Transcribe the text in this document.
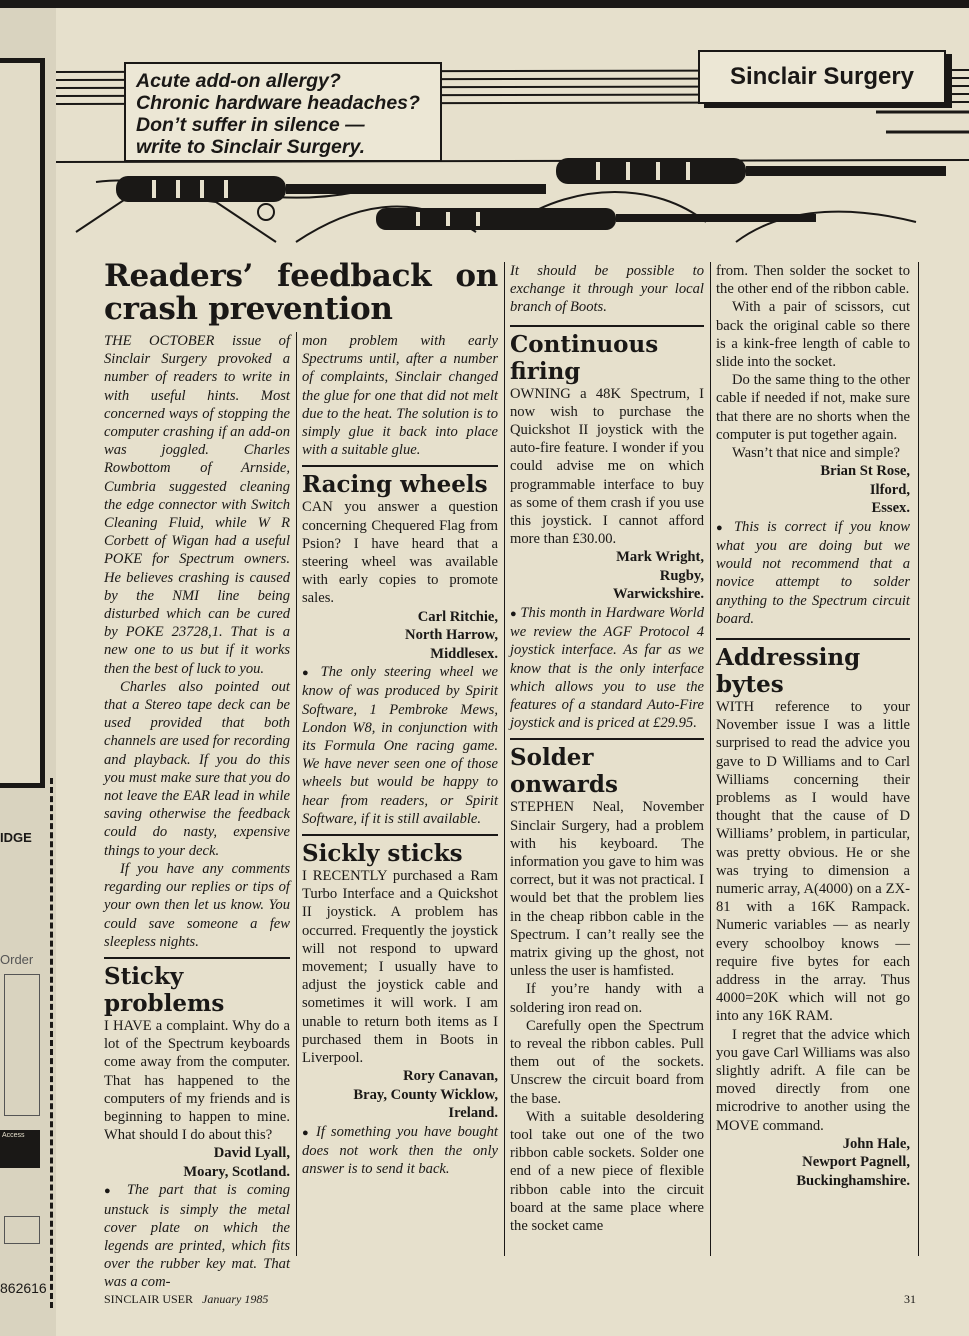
IDGE
Order
Access
862616
Acute add-on allergy?
Chronic hardware headaches?
Don’t suffer in silence —
write to Sinclair Surgery.
Sinclair Surgery
Readers’ feedback on crash prevention

THE OCTOBER issue of Sinclair Surgery provoked a number of readers to write in with useful hints. Most concerned ways of stopping the computer crashing if an add-on was joggled. Charles Rowbottom of Arnside, Cumbria suggested cleaning the edge connector with Switch Cleaning Fluid, while W R Corbett of Wigan had a useful POKE for Spectrum owners. He believes crashing is caused by the NMI line being disturbed which can be cured by POKE 23728,1. That is a new one to us but if it works then the best of luck to you.

Charles also pointed out that a Stereo tape deck can be used provided that both channels are used for recording and playback. If you do this you must make sure that you do not leave the EAR lead in while saving otherwise the feedback could do nasty, expensive things to your deck.

If you have any comments regarding our replies or tips of your own then let us know. You could save someone a few sleepless nights.

Sticky problems

I HAVE a complaint. Why do a lot of the Spectrum keyboards come away from the computer. That has happened to the computers of my friends and is beginning to happen to mine. What should I do about this?

David Lyall,

Moary, Scotland.

● The part that is coming unstuck is simply the metal cover plate on which the legends are printed, which fits over the rubber key mat. That was a com-

mon problem with early Spectrums until, after a number of complaints, Sinclair changed the glue for one that did not melt due to the heat. The solution is to simply glue it back into place with a suitable glue.

Racing wheels

CAN you answer a question concerning Chequered Flag from Psion? I have heard that a steering wheel was available with early copies to promote sales.

Carl Ritchie,

North Harrow,

Middlesex.

● The only steering wheel we know of was produced by Spirit Software, 1 Pembroke Mews, London W8, in conjunction with its Formula One racing game. We have never seen one of those wheels but would be happy to hear from readers, or Spirit Software, if it is still available.

Sickly sticks

I RECENTLY purchased a Ram Turbo Interface and a Quickshot II joystick. A problem has occurred. Frequently the joystick will not respond to upward movement; I usually have to adjust the joystick cable and sometimes it will work. I am unable to return both items as I purchased them in Boots in Liverpool.

Rory Canavan,

Bray, County Wicklow,

Ireland.

● If something you have bought does not work then the only answer is to send it back.

It should be possible to exchange it through your local branch of Boots.

Continuous firing

OWNING a 48K Spectrum, I now wish to purchase the Quickshot II joystick with the auto-fire feature. I wonder if you could advise me on which programmable interface to buy as some of them crash if you use this joystick. I cannot afford more than £30.00.

Mark Wright,

Rugby,

Warwickshire.

● This month in Hardware World we review the AGF Protocol 4 joystick interface. As far as we know that is the only interface which allows you to use the features of a standard Auto-Fire joystick and is priced at £29.95.

Solder onwards

STEPHEN Neal, November Sinclair Surgery, had a problem with his keyboard. The information you gave to him was correct, but it was not practical. I would bet that the problem lies in the cheap ribbon cable in the Spectrum. I can’t really see the matrix giving up the ghost, not unless the user is hamfisted.

If you’re handy with a soldering iron read on.

Carefully open the Spectrum to reveal the ribbon cables. Pull them out of the sockets. Unscrew the circuit board from the base.

With a suitable desoldering tool take out one of the two ribbon cable sockets. Solder one end of a new piece of flexible ribbon cable into the circuit board at the same place where the socket came

from. Then solder the socket to the other end of the ribbon cable.

With a pair of scissors, cut back the original cable so there is a kink-free length of cable to slide into the socket.

Do the same thing to the other cable if needed if not, make sure that there are no shorts when the computer is put together again.

Wasn’t that nice and simple?

Brian St Rose,

Ilford,

Essex.

● This is correct if you know what you are doing but we would not recommend that a novice attempt to solder anything to the Spectrum circuit board.

Addressing bytes

WITH reference to your November issue I was a little surprised to read the advice you gave to D Williams and to Carl Williams concerning their problems as I would have thought that the cause of D Williams’ problem, in particular, was pretty obvious. He or she was trying to dimension a numeric array, A(4000) on a ZX-81 with a 16K Rampack. Numeric variables — as nearly every schoolboy knows — require five bytes for each address in the array. Thus 4000=20K which will not go into any 16K RAM.

I regret that the advice which you gave Carl Williams was also slightly adrift. A file can be moved directly from one microdrive to another using the MOVE command.

John Hale,

Newport Pagnell,

Buckinghamshire.

SINCLAIR USER January 1985	31
